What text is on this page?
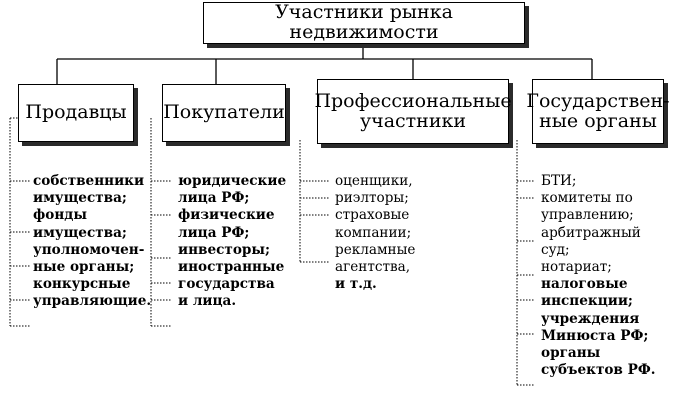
Участники рынка недвижимости
Продавцы Покупатели
Профессиональные
участники
Государствен-
ные органы
собственники
имущества;
фонды
имущества;
уполномочен-
ные органы;
конкурсные
управляющие.
юридические
лица РФ;
физические
лица РФ;
инвесторы;
иностранные
государства
и лица.
оценщики,
риэлторы;
страховые
компании;
рекламные
агентства,
и т.д.
БТИ;
комитеты по
управлению;
арбитражный
суд;
нотариат;
налоговые
инспекции;
учреждения
Минюста РФ;
органы
субъектов РФ.
